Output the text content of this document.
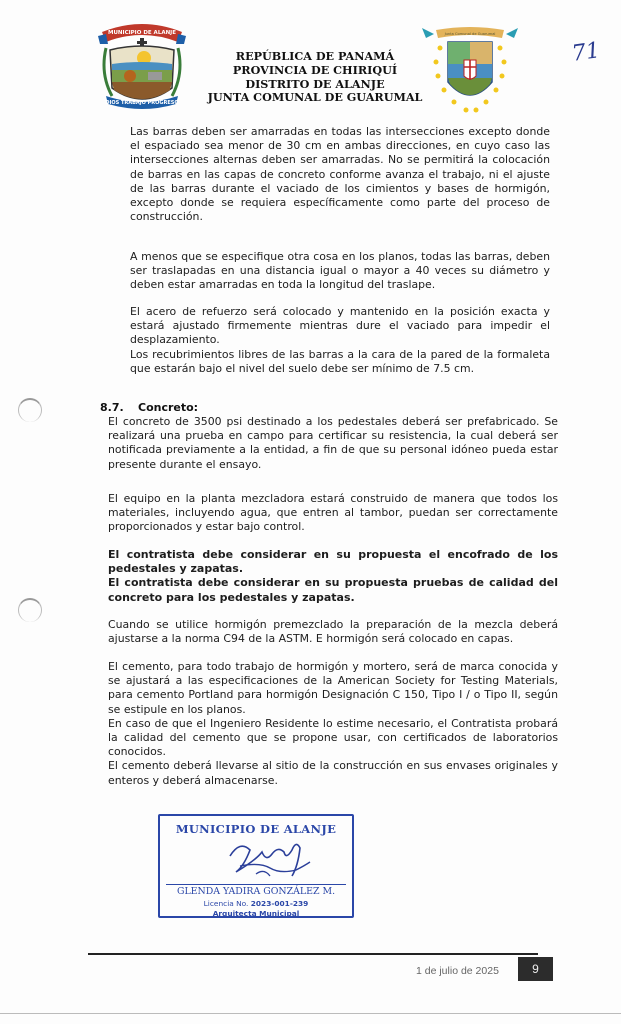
MUNICIPIO DE ALANJE
DIOS TRABAJO PROGRESO
REPÚBLICA DE PANAMÁ
PROVINCIA DE CHIRIQUÍ
DISTRITO DE ALANJE
JUNTA COMUNAL DE GUARUMAL
Junta Comunal de Guarumal
71

Las barras deben ser amarradas en todas las intersecciones excepto donde el espaciado sea menor de 30 cm en ambas direcciones, en cuyo caso las intersecciones alternas deben ser amarradas. No se permitirá la colocación de barras en las capas de concreto conforme avanza el trabajo, ni el ajuste de las barras durante el vaciado de los cimientos y bases de hormigón, excepto donde se requiera específicamente como parte del proceso de construcción.

A menos que se especifique otra cosa en los planos, todas las barras, deben ser traslapadas en una distancia igual o mayor a 40 veces su diámetro y deben estar amarradas en toda la longitud del traslape.

El acero de refuerzo será colocado y mantenido en la posición exacta y estará ajustado firmemente mientras dure el vaciado para impedir el desplazamiento.

Los recubrimientos libres de las barras a la cara de la pared de la formaleta que estarán bajo el nivel del suelo debe ser mínimo de 7.5 cm.

8.7. Concreto:

El concreto de 3500 psi destinado a los pedestales deberá ser prefabricado. Se realizará una prueba en campo para certificar su resistencia, la cual deberá ser notificada previamente a la entidad, a fin de que su personal idóneo pueda estar presente durante el ensayo.

El equipo en la planta mezcladora estará construido de manera que todos los materiales, incluyendo agua, que entren al tambor, puedan ser correctamente proporcionados y estar bajo control.

El contratista debe considerar en su propuesta el encofrado de los pedestales y zapatas.

El contratista debe considerar en su propuesta pruebas de calidad del concreto para los pedestales y zapatas.

Cuando se utilice hormigón premezclado la preparación de la mezcla deberá ajustarse a la norma C94 de la ASTM. E hormigón será colocado en capas.

El cemento, para todo trabajo de hormigón y mortero, será de marca conocida y se ajustará a las especificaciones de la American Society for Testing Materials, para cemento Portland para hormigón Designación C 150, Tipo I / o Tipo II, según se estipule en los planos.

En caso de que el Ingeniero Residente lo estime necesario, el Contratista probará la calidad del cemento que se propone usar, con certificados de laboratorios conocidos.

El cemento deberá llevarse al sitio de la construcción en sus envases originales y enteros y deberá almacenarse.

MUNICIPIO DE ALANJE
GLENDA YADIRA GONZÁLEZ M.
Licencia No. 2023-001-239
Arquitecta Municipal
1 de julio de 2025	9
